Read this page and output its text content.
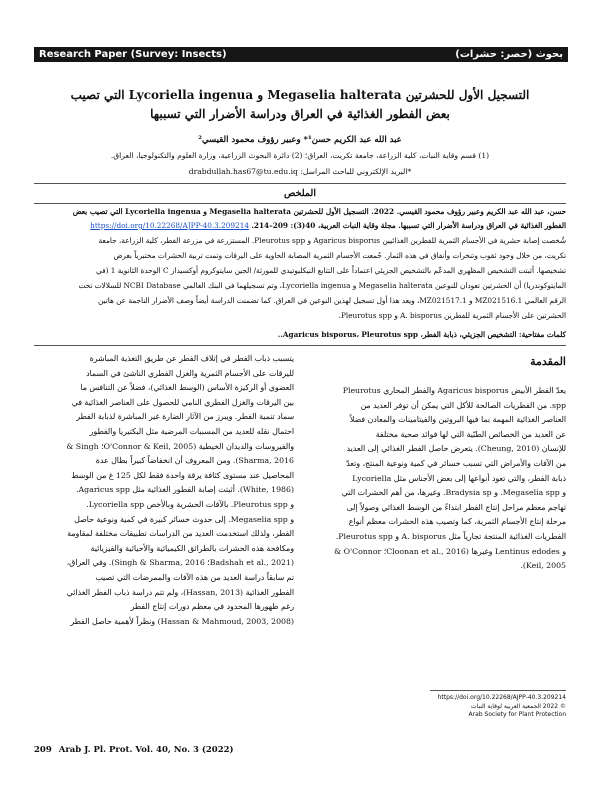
Research Paper (Survey: Insects)	بحوث (حصر: حشرات)
التسجيل الأول للحشرتين Megaselia halterata و Lycoriella ingenua التي تصيب
بعض الفطور الغذائية في العراق ودراسة الأضرار التي تسببها
عبد الله عبد الكريم حسن¹* وعبير رؤوف محمود القيسي²
(1) قسم وقاية النبات، كلية الزراعة، جامعة تكريت، العراق؛ (2) دائرة البحوث الزراعية، وزارة العلوم والتكنولوجيا، العراق.
*البريد الإلكتروني للباحث المراسل: drabdullah.has67@tu.edu.iq
الملخص
حسن، عبد الله عبد الكريم وعبير رؤوف محمود القيسي. 2022. التسجيل الأول للحشرتين Megaselia halterata و Lycoriella ingenua التي تصيب بعض
الفطور الغذائية في العراق ودراسة الأضرار التي تسببها. مجلة وقاية النبات العربية، 40(3): 209–214. https://doi.org/10.22268/AJPP-40.3.209214
شُخصت إصابة حشرية في الأجسام الثمرية للفطرين الغذائيين Agaricus bisporus و Pleurotus spp. المستزرعة في مزرعة الفطر، كلية الزراعة، جامعة
تكريت، من خلال وجود ثقوب وتنخرات وأنفاق في هذه الثمار. جُمعت الأجسام الثمرية المصابة الحاوية على اليرقات وتمت تربية الحشرات مختبرياً بغرض
تشخيصها. أثبتت التشخيص المظهري المدعّم بالتشخيص الجزيئي اعتماداً على التتابع النيكليوتيدي للمورثة/ الجين سايتوكروم أوكسيداز C الوحدة الثانوية 1 (في
المايتوكوندريا) أن الحشرتين تعودان للنوعين Megaselia halterata و Lycoriella ingenua، وتم تسجيلهما في البنك العالمي NCBI Database للسلالات تحت
الرقم العالمي MZ021516.1 و MZ021517.1، ويعد هذا أول تسجيل لهذين النوعين في العراق. كما تضمنت الدراسة أيضاً وصف الأضرار الناجمة عن هاتين
الحشرتين على الأجسام الثمرية للفطرين A. bisporus و Pleurotus spp.
كلمات مفتاحية: التشخيص الجزيئي، ذبابة الفطر، Agaricus bisporus، Pleurotus spp..
المقدمة
يعدّ الفطر الأبيض Agaricus bisporus والفطر المحاري Pleurotus
spp. من الفطريات الصالحة للأكل التي يمكن أن توفر العديد من
العناصر الغذائية المهمة بما فيها البروتين والفيتامينات والمعادن فضلاً
عن العديد من الخصائص الطبّية التي لها فوائد صحية مختلفة
للإنسان (Cheung, 2010). يتعرض حاصل الفطر الغذائي إلى العديد
من الآفات والأمراض التي تسبب خسائر في كمية ونوعية المنتج، وتعدّ
ذبابة الفطر، والتي تعود أنواعها إلى بعض الأجناس مثل Lycoriella
و Megaselia spp. و Bradysia sp. وغيرها، من أهم الحشرات التي
تهاجم معظم مراحل إنتاج الفطر ابتداءً من الوسط الغذائي وصولاً إلى
مرحلة إنتاج الأجسام الثمرية، كما وتصيب هذه الحشرات معظم أنواع
الفطريات الغذائية المنتجة تجارياً مثل A. bisporus و Pleurotus spp.
و Lentinus edodes وغيرها (Cloonan et al., 2016؛ O'Connor &
Keil, 2005).
يتسبب ذباب الفطر في إتلاف الفطر عن طريق التغذية المباشرة
لليرقات على الأجسام الثمرية والغزل الفطري الناشئ في السماد
العضوي أو الركيزة الأساس (الوسط الغذائي)، فضلاً عن التنافس ما
بين اليرقات والغزل الفطري النامي للحصول على العناصر الغذائية في
سماد تنمية الفطر. ويبرز من الآثار الضارة غير المباشرة لذبابة الفطر
احتمال نقله للعديد من المسببات المرضية مثل البكتيريا والفطور
والفيروسات والديدان الخيطية (O'Connor & Keil, 2005؛ Singh &
Sharma, 2016). ومن المعروف أن انخفاضاً كبيراً بطال عدة
المحاصيل عند مستوى كثافة يرقة واحدة فقط لكل 125 غ من الوسط
(White, 1986). أثبتت إصابة الفطور الغذائية مثل Agaricus spp.
و Pleurotus spp. بالآفات الحشرية وبالأخص Lycoriella spp.
و Megaselia spp. إلى حدوث خسائر كبيرة في كمية ونوعية حاصل
الفطر، ولذلك استخدمت العديد من الدراسات تطبيقات مختلفة لمقاومة
ومكافحة هذه الحشرات بالطرائق الكيميائية والأحيائية والفيزيائية
(Badshah et al., 2021؛ Singh & Sharma, 2016). وفي العراق،
تم سابقاً دراسة العديد من هذه الآفات والممرضات التي تصيب
الفطور الغذائية (Hassan, 2013)، ولم تتم دراسة ذباب الفطر الغذائي
رغم ظهورها المحدود في معظم دورات إنتاج الفطر
(Hassan & Mahmoud, 2003, 2008) ونظراً لأهمية حاصل الفطر
https://doi.org/10.22268/AJPP-40.3.209214
© 2022 الجمعية العربية لوقاية النبات
Arab Society for Plant Protection
209 Arab J. Pl. Prot. Vol. 40, No. 3 (2022)
